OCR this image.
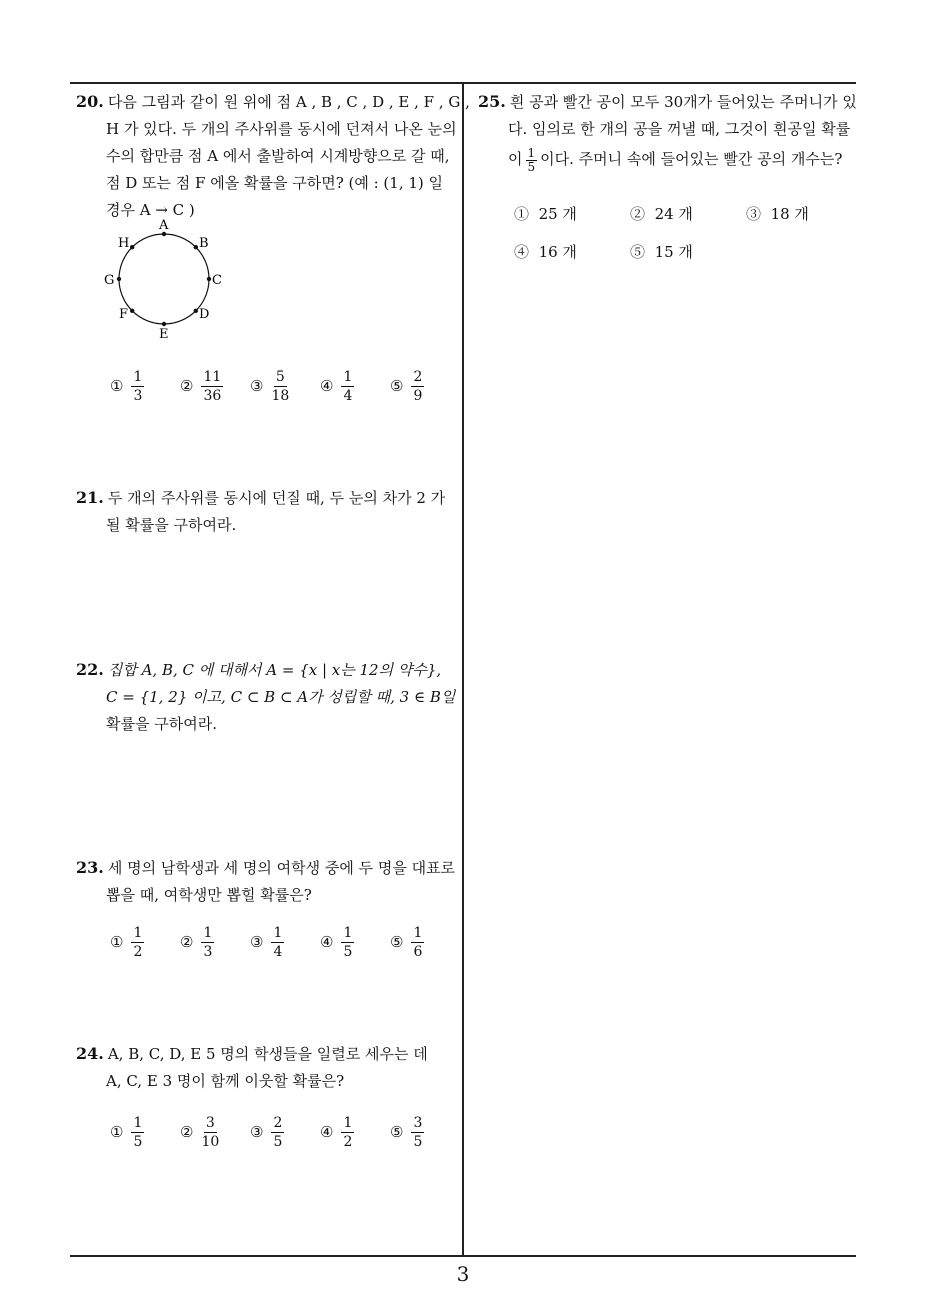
20. 다음 그림과 같이 원 위에 점 A , B , C , D , E , F , G ,
H 가 있다. 두 개의 주사위를 동시에 던져서 나온 눈의
수의 합만큼 점 A 에서 출발하여 시계방향으로 갈 때,
점 D 또는 점 F 에올 확률을 구하면? (예 : (1, 1) 일
경우 A → C )
A
B
C
D
E
F
G
H
① $\frac{1}{3}$ ② $\frac{11}{36}$ ③ $\frac{5}{18}$ ④ $\frac{1}{4}$ ⑤ $\frac{2}{9}$
21. 두 개의 주사위를 동시에 던질 때, 두 눈의 차가 2 가
될 확률을 구하여라.
22. 집합 A, B, C 에 대해서 A = {x | x는 12의 약수},
C = {1, 2} 이고, C ⊂ B ⊂ A가 성립할 때, 3 ∈ B일
확률을 구하여라.
23. 세 명의 남학생과 세 명의 여학생 중에 두 명을 대표로
뽑을 때, 여학생만 뽑힐 확률은?
① $\frac{1}{2}$ ② $\frac{1}{3}$ ③ $\frac{1}{4}$ ④ $\frac{1}{5}$ ⑤ $\frac{1}{6}$
24. A, B, C, D, E 5 명의 학생들을 일렬로 세우는 데
A, C, E 3 명이 함께 이웃할 확률은?
① $\frac{1}{5}$ ② $\frac{3}{10}$ ③ $\frac{2}{5}$ ④ $\frac{1}{2}$ ⑤ $\frac{3}{5}$
25. 흰 공과 빨간 공이 모두 30개가 들어있는 주머니가 있
다. 임의로 한 개의 공을 꺼낼 때, 그것이 흰공일 확률
이 $\frac{1}{5}$ 이다. 주머니 속에 들어있는 빨간 공의 개수는?
① 25 개	② 24 개	③ 18 개
④ 16 개	⑤ 15 개
3
